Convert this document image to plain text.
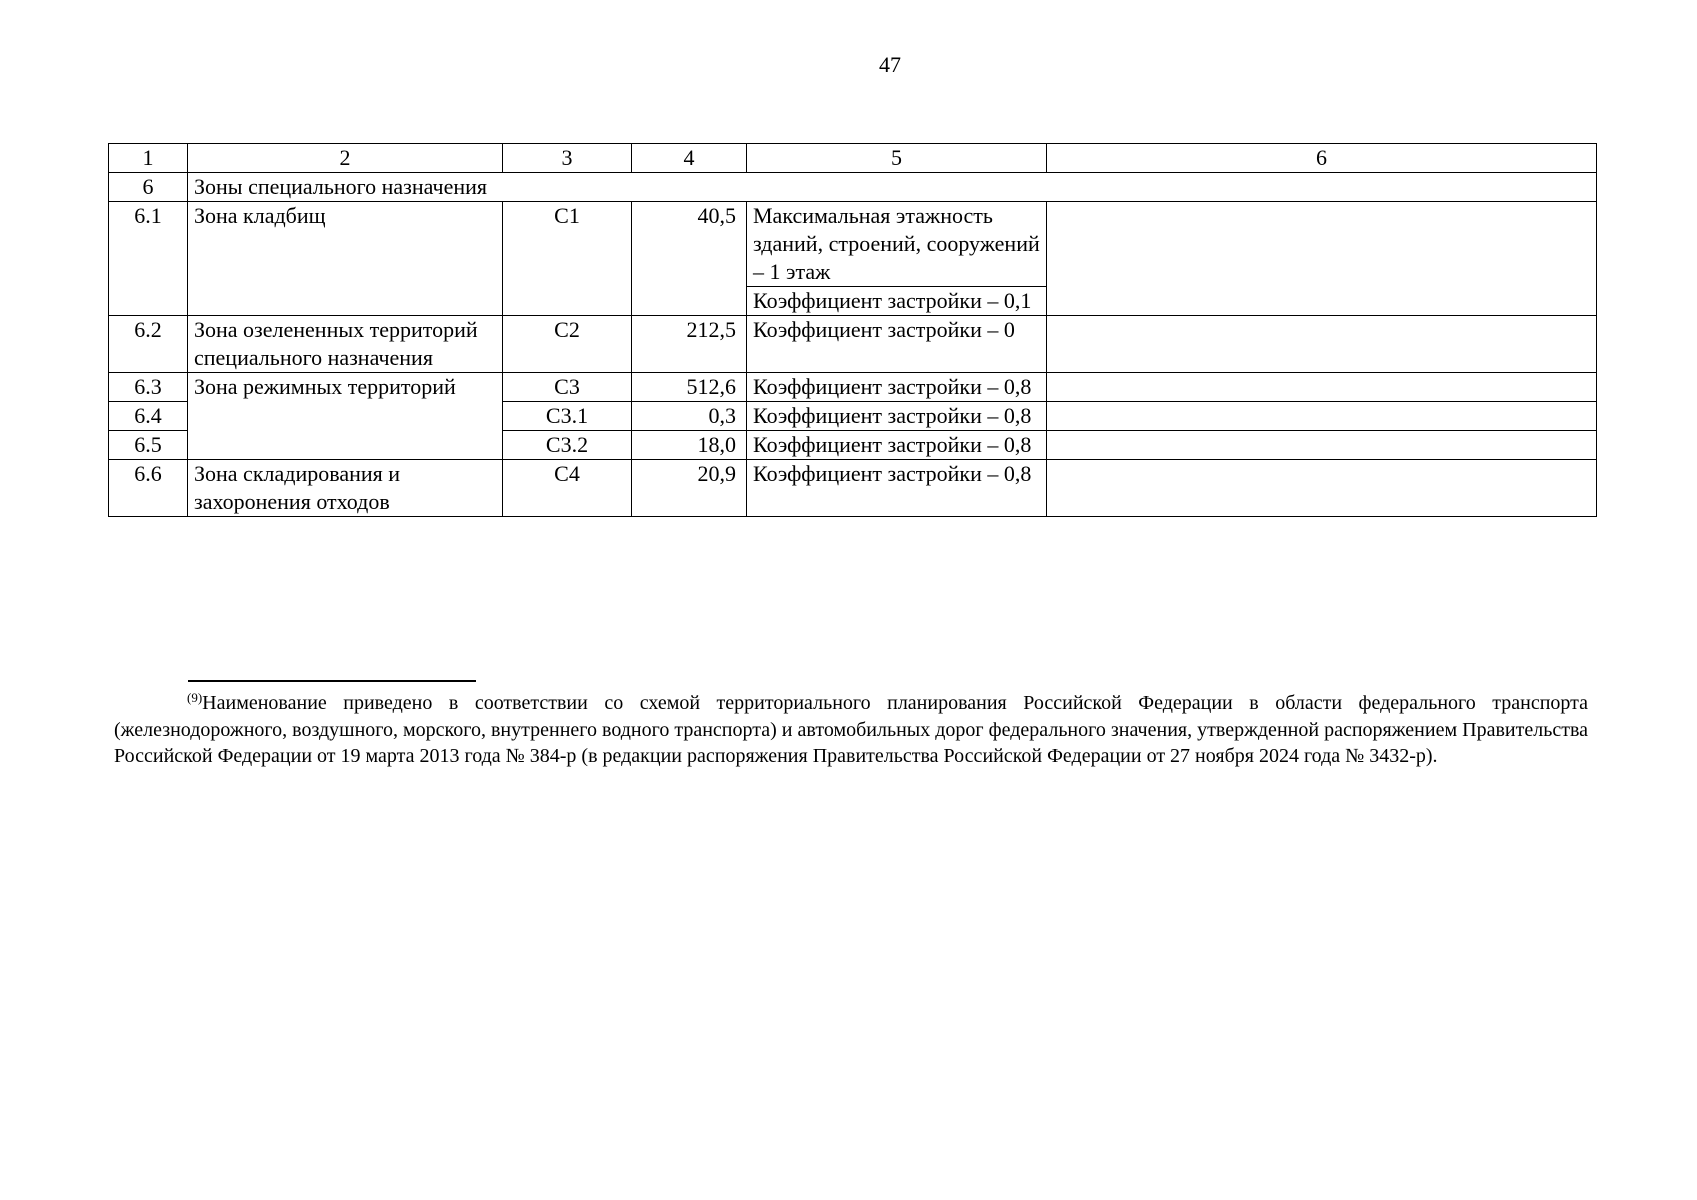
47
1	2	3	4	5	6
6	Зоны специального назначения				
6.1	Зона кладбищ	С1	40,5	Максимальная этажность зданий, строений, сооружений – 1 этаж	
				Коэффициент застройки – 0,1	
6.2	Зона озелененных территорий специального назначения	С2	212,5	Коэффициент застройки – 0	
6.3	Зона режимных территорий	С3	512,6	Коэффициент застройки – 0,8	
6.4		С3.1	0,3	Коэффициент застройки – 0,8	
6.5		С3.2	18,0	Коэффициент застройки – 0,8	
6.6	Зона складирования и захоронения отходов	С4	20,9	Коэффициент застройки – 0,8	
$^{(9)}$Наименование приведено в соответствии со схемой территориального планирования Российской Федерации в области федерального транспорта (железнодорожного, воздушного, морского, внутреннего водного транспорта) и автомобильных дорог федерального значения, утвержденной распоряжением Правительства Российской Федерации от 19 марта 2013 года № 384-р (в редакции распоряжения Правительства Российской Федерации от 27 ноября 2024 года № 3432-р).
